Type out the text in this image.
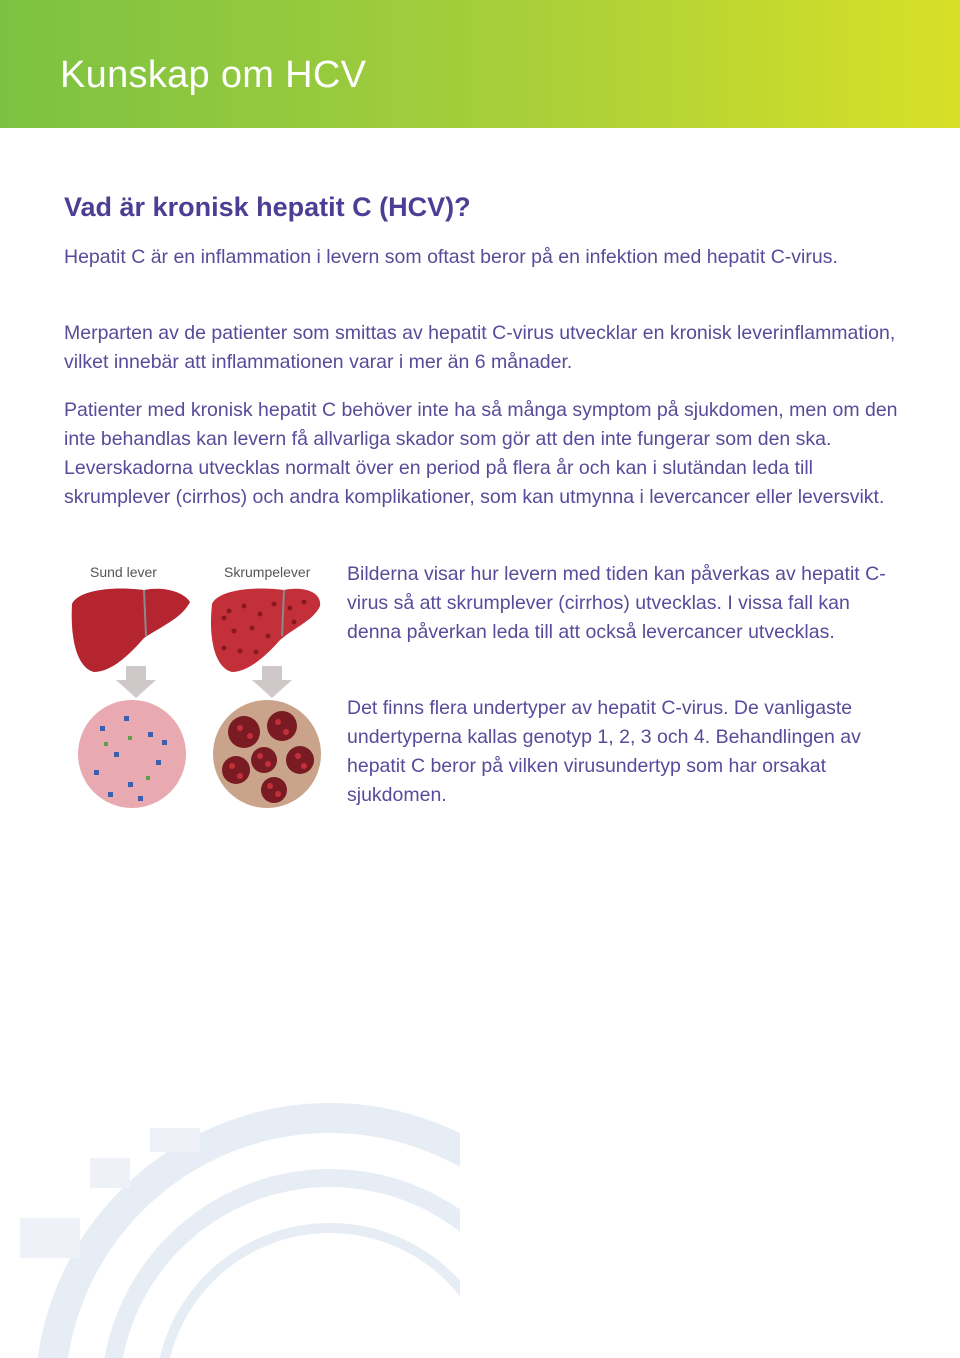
Kunskap om HCV
Vad är kronisk hepatit C (HCV)?
Hepatit C är en inflammation i levern som oftast beror på en infektion med hepatit C-virus.
Merparten av de patienter som smittas av hepatit C-virus utvecklar en kronisk leverinflammation, vilket innebär att inflammationen varar i mer än 6 månader.
Patienter med kronisk hepatit C behöver inte ha så många symptom på sjukdomen, men om den inte behandlas kan levern få allvarliga skador som gör att den inte fungerar som den ska. Leverskadorna utvecklas normalt över en period på flera år och kan i slutändan leda till skrumplever (cirrhos) och andra komplikationer, som kan utmynna i levercancer eller leversvikt.
Sund lever	Skrumpelever Bilderna visar hur levern med tiden kan påverkas av hepatit C-virus så att skrumplever (cirrhos) utvecklas. I vissa fall kan denna påverkan leda till att också levercancer utvecklas.
Det finns flera undertyper av hepatit C-virus. De vanligaste undertyperna kallas genotyp 1, 2, 3 och 4. Behandlingen av hepatit C beror på vilken virusundertyp som har orsakat sjukdomen.
